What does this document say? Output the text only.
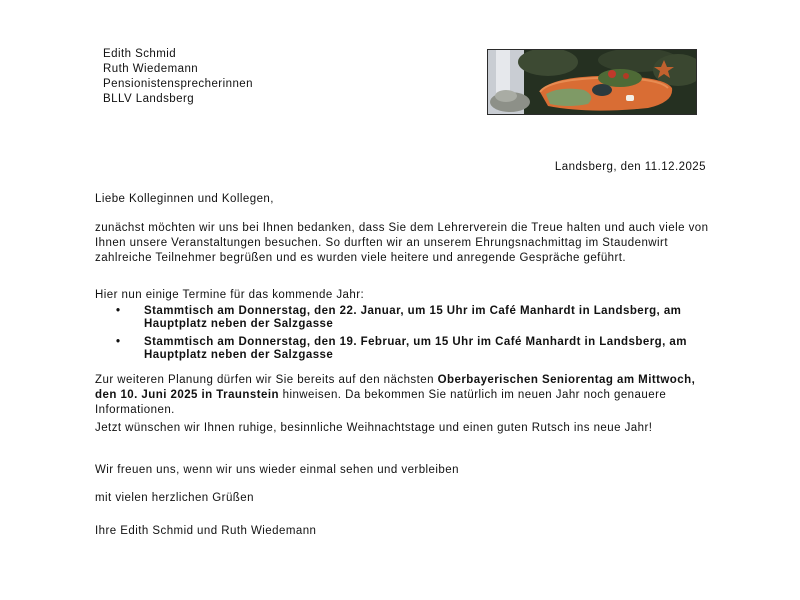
Edith Schmid
Ruth Wiedemann
Pensionistensprecherinnen
BLLV Landsberg
Landsberg, den 11.12.2025
Liebe Kolleginnen und Kollegen,
zunächst möchten wir uns bei Ihnen bedanken, dass Sie dem Lehrerverein die Treue halten und auch viele von Ihnen unsere Veranstaltungen besuchen. So durften wir an unserem Ehrungsnachmittag im Staudenwirt zahlreiche Teilnehmer begrüßen und es wurden viele heitere und anregende Gespräche geführt.
Hier nun einige Termine für das kommende Jahr:
• Stammtisch am Donnerstag, den 22. Januar, um 15 Uhr im Café Manhardt in Landsberg, am Hauptplatz neben der Salzgasse
• Stammtisch am Donnerstag, den 19. Februar, um 15 Uhr im Café Manhardt in Landsberg, am Hauptplatz neben der Salzgasse
Zur weiteren Planung dürfen wir Sie bereits auf den nächsten Oberbayerischen Seniorentag am Mittwoch, den 10. Juni 2025 in Traunstein hinweisen. Da bekommen Sie natürlich im neuen Jahr noch genauere Informationen.
Jetzt wünschen wir Ihnen ruhige, besinnliche Weihnachtstage und einen guten Rutsch ins neue Jahr!
Wir freuen uns, wenn wir uns wieder einmal sehen und verbleiben
mit vielen herzlichen Grüßen
Ihre Edith Schmid und Ruth Wiedemann
